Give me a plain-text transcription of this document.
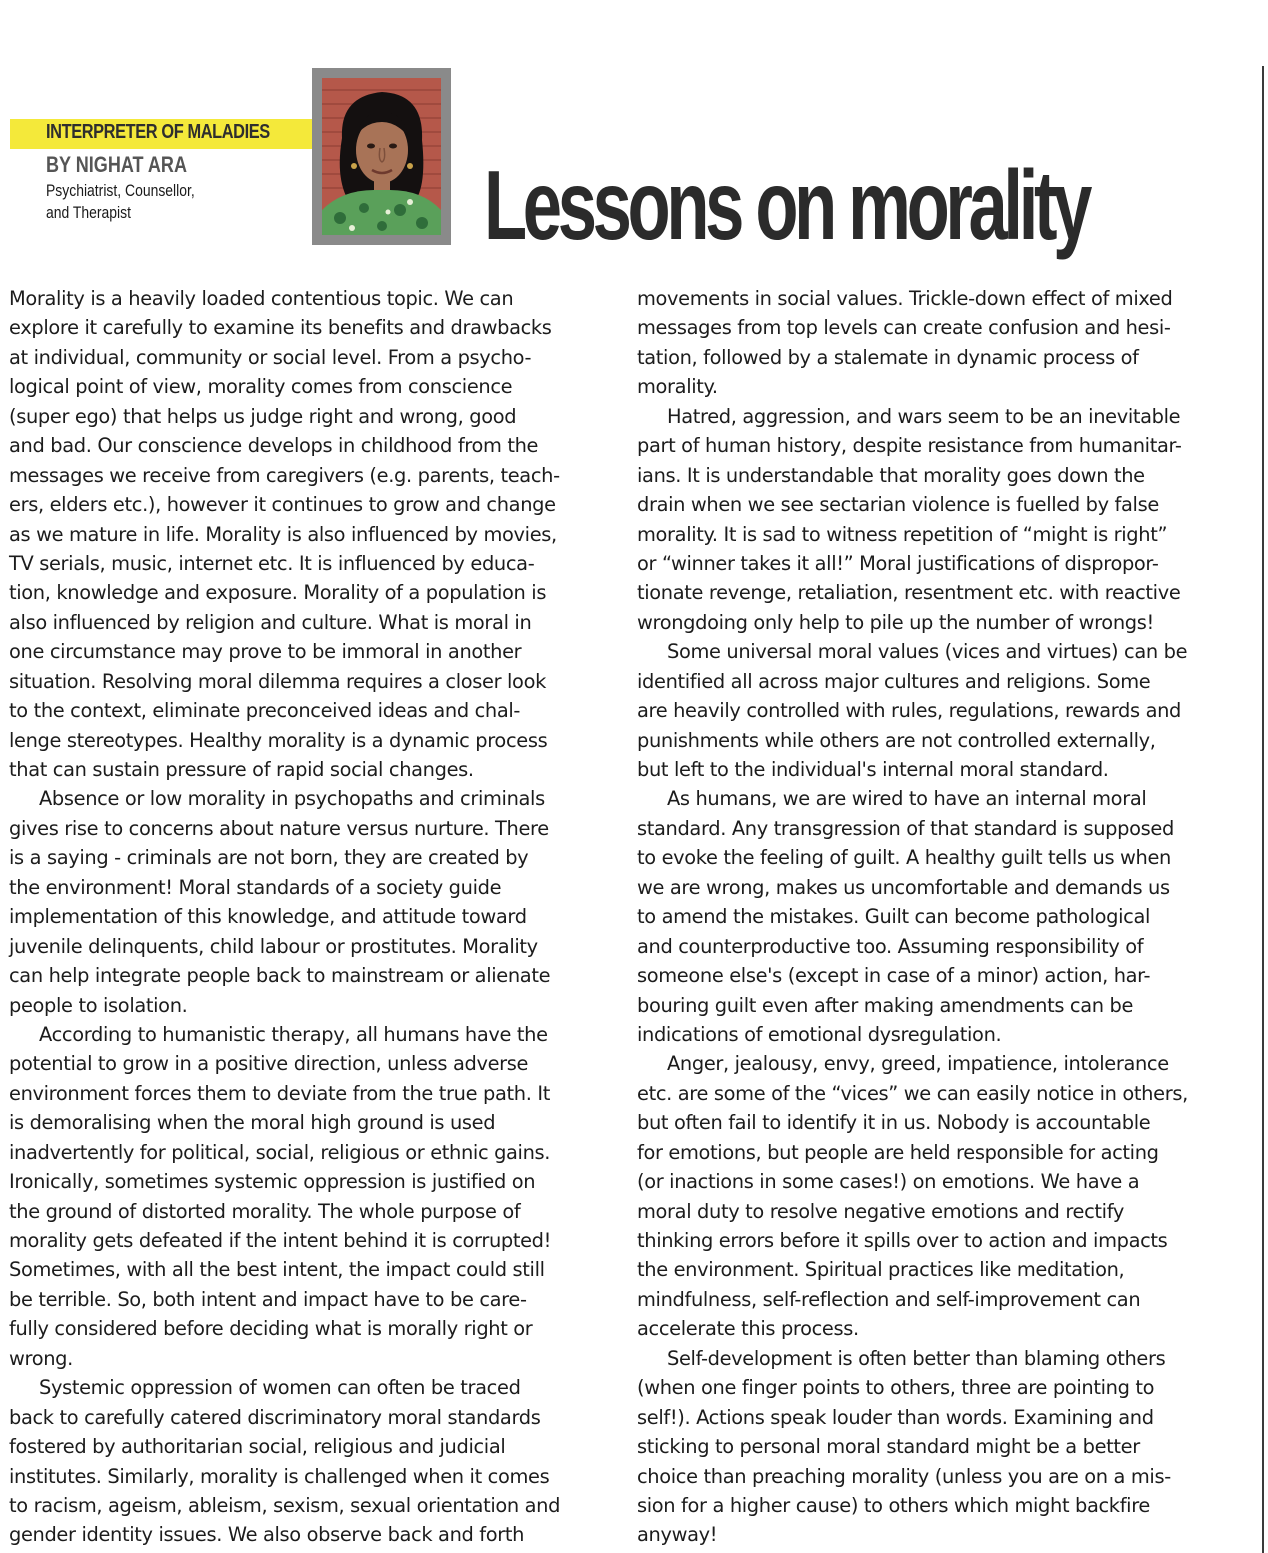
INTERPRETER OF MALADIES
BY NIGHAT ARA
Psychiatrist, Counsellor,
and Therapist	Lessons on morality
Morality is a heavily loaded contentious topic. We can
explore it carefully to examine its benefits and drawbacks
at individual, community or social level. From a psycho-
logical point of view, morality comes from conscience
(super ego) that helps us judge right and wrong, good
and bad. Our conscience develops in childhood from the
messages we receive from caregivers (e.g. parents, teach-
ers, elders etc.), however it continues to grow and change
as we mature in life. Morality is also influenced by movies,
TV serials, music, internet etc. It is influenced by educa-
tion, knowledge and exposure. Morality of a population is
also influenced by religion and culture. What is moral in
one circumstance may prove to be immoral in another
situation. Resolving moral dilemma requires a closer look
to the context, eliminate preconceived ideas and chal-
lenge stereotypes. Healthy morality is a dynamic process
that can sustain pressure of rapid social changes.
Absence or low morality in psychopaths and criminals
gives rise to concerns about nature versus nurture. There
is a saying - criminals are not born, they are created by
the environment! Moral standards of a society guide
implementation of this knowledge, and attitude toward
juvenile delinquents, child labour or prostitutes. Morality
can help integrate people back to mainstream or alienate
people to isolation.
According to humanistic therapy, all humans have the
potential to grow in a positive direction, unless adverse
environment forces them to deviate from the true path. It
is demoralising when the moral high ground is used
inadvertently for political, social, religious or ethnic gains.
Ironically, sometimes systemic oppression is justified on
the ground of distorted morality. The whole purpose of
morality gets defeated if the intent behind it is corrupted!
Sometimes, with all the best intent, the impact could still
be terrible. So, both intent and impact have to be care-
fully considered before deciding what is morally right or
wrong.
Systemic oppression of women can often be traced
back to carefully catered discriminatory moral standards
fostered by authoritarian social, religious and judicial
institutes. Similarly, morality is challenged when it comes
to racism, ageism, ableism, sexism, sexual orientation and
gender identity issues. We also observe back and forth
movements in social values. Trickle-down effect of mixed
messages from top levels can create confusion and hesi-
tation, followed by a stalemate in dynamic process of
morality.
Hatred, aggression, and wars seem to be an inevitable
part of human history, despite resistance from humanitar-
ians. It is understandable that morality goes down the
drain when we see sectarian violence is fuelled by false
morality. It is sad to witness repetition of “might is right”
or “winner takes it all!” Moral justifications of dispropor-
tionate revenge, retaliation, resentment etc. with reactive
wrongdoing only help to pile up the number of wrongs!
Some universal moral values (vices and virtues) can be
identified all across major cultures and religions. Some
are heavily controlled with rules, regulations, rewards and
punishments while others are not controlled externally,
but left to the individual's internal moral standard.
As humans, we are wired to have an internal moral
standard. Any transgression of that standard is supposed
to evoke the feeling of guilt. A healthy guilt tells us when
we are wrong, makes us uncomfortable and demands us
to amend the mistakes. Guilt can become pathological
and counterproductive too. Assuming responsibility of
someone else's (except in case of a minor) action, har-
bouring guilt even after making amendments can be
indications of emotional dysregulation.
Anger, jealousy, envy, greed, impatience, intolerance
etc. are some of the “vices” we can easily notice in others,
but often fail to identify it in us. Nobody is accountable
for emotions, but people are held responsible for acting
(or inactions in some cases!) on emotions. We have a
moral duty to resolve negative emotions and rectify
thinking errors before it spills over to action and impacts
the environment. Spiritual practices like meditation,
mindfulness, self-reflection and self-improvement can
accelerate this process.
Self-development is often better than blaming others
(when one finger points to others, three are pointing to
self!). Actions speak louder than words. Examining and
sticking to personal moral standard might be a better
choice than preaching morality (unless you are on a mis-
sion for a higher cause) to others which might backfire
anyway!
